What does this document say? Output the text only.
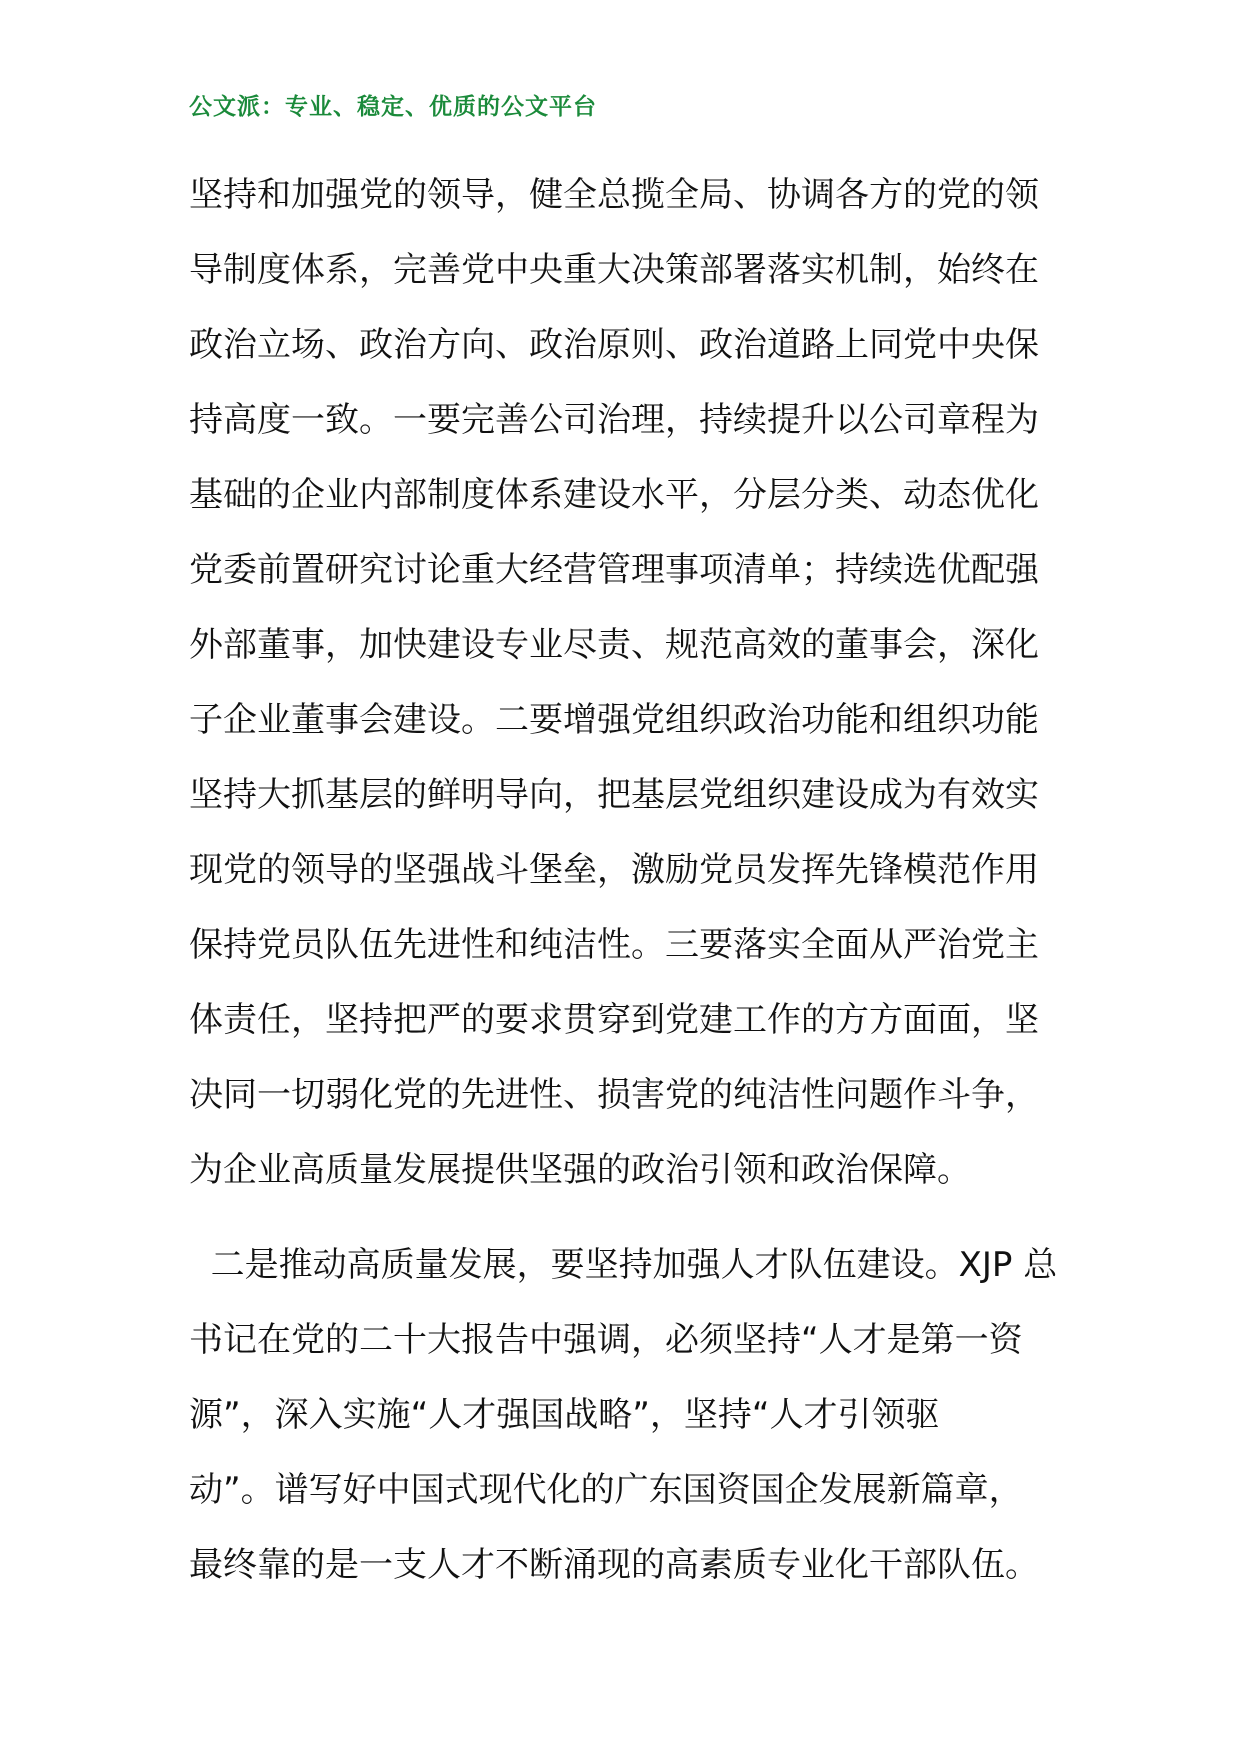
公文派：专业、稳定、优质的公文平台
坚持和加强党的领导，健全总揽全局、协调各方的党的领
导制度体系，完善党中央重大决策部署落实机制，始终在
政治立场、政治方向、政治原则、政治道路上同党中央保
持高度一致。一要完善公司治理，持续提升以公司章程为
基础的企业内部制度体系建设水平，分层分类、动态优化
党委前置研究讨论重大经营管理事项清单；持续选优配强
外部董事，加快建设专业尽责、规范高效的董事会，深化
子企业董事会建设。二要增强党组织政治功能和组织功能
坚持大抓基层的鲜明导向，把基层党组织建设成为有效实
现党的领导的坚强战斗堡垒，激励党员发挥先锋模范作用
保持党员队伍先进性和纯洁性。三要落实全面从严治党主
体责任，坚持把严的要求贯穿到党建工作的方方面面，坚
决同一切弱化党的先进性、损害党的纯洁性问题作斗争，
为企业高质量发展提供坚强的政治引领和政治保障。
二是推动高质量发展，要坚持加强人才队伍建设。XJP 总
书记在党的二十大报告中强调，必须坚持“人才是第一资
源”，深入实施“人才强国战略”，坚持“人才引领驱
动”。谱写好中国式现代化的广东国资国企发展新篇章，
最终靠的是一支人才不断涌现的高素质专业化干部队伍。
